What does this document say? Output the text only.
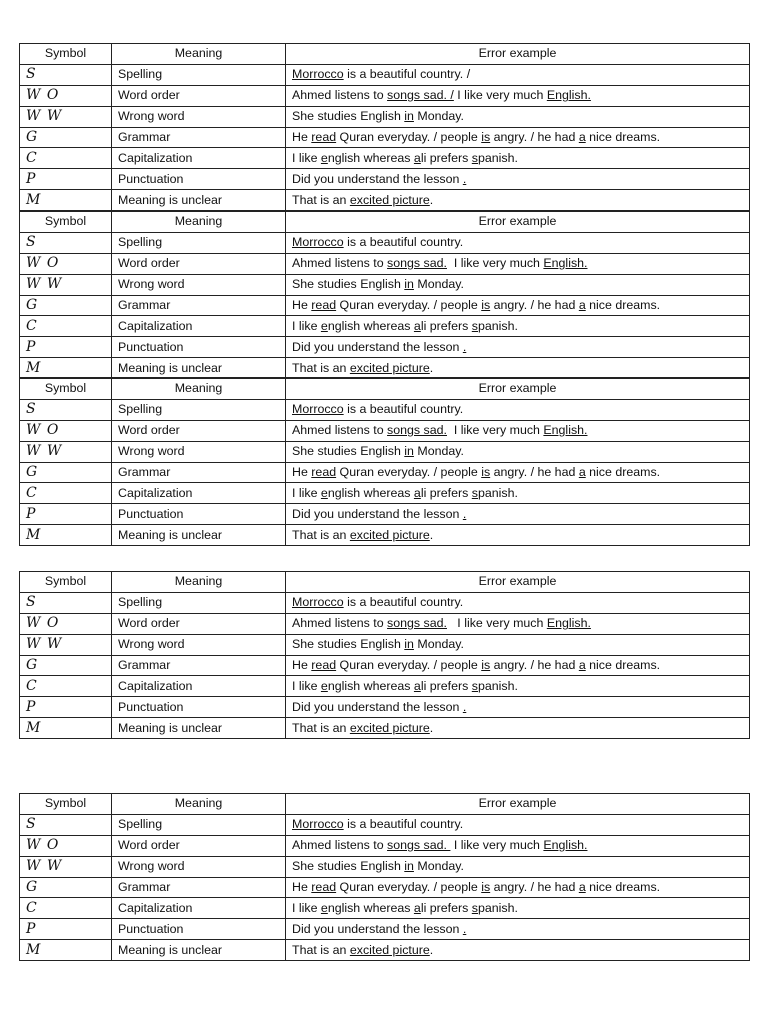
Symbol	Meaning	Error example
S	Spelling	Morrocco is a beautiful country. /
W O	Word order	Ahmed listens to songs sad. / I like very much English.
W W	Wrong word	She studies English in Monday.
G	Grammar	He read Quran everyday. / people is angry. / he had a nice dreams.
C	Capitalization	I like english whereas ali prefers spanish.
P	Punctuation	Did you understand the lesson .
M	Meaning is unclear	That is an excited picture.
Symbol	Meaning	Error example
S	Spelling	Morrocco is a beautiful country.
W O	Word order	Ahmed listens to songs sad.  I like very much English.
W W	Wrong word	She studies English in Monday.
G	Grammar	He read Quran everyday. / people is angry. / he had a nice dreams.
C	Capitalization	I like english whereas ali prefers spanish.
P	Punctuation	Did you understand the lesson .
M	Meaning is unclear	That is an excited picture.
Symbol	Meaning	Error example
S	Spelling	Morrocco is a beautiful country.
W O	Word order	Ahmed listens to songs sad.  I like very much English.
W W	Wrong word	She studies English in Monday.
G	Grammar	He read Quran everyday. / people is angry. / he had a nice dreams.
C	Capitalization	I like english whereas ali prefers spanish.
P	Punctuation	Did you understand the lesson .
M	Meaning is unclear	That is an excited picture.
Symbol	Meaning	Error example
S	Spelling	Morrocco is a beautiful country.
W O	Word order	Ahmed listens to songs sad.   I like very much English.
W W	Wrong word	She studies English in Monday.
G	Grammar	He read Quran everyday. / people is angry. / he had a nice dreams.
C	Capitalization	I like english whereas ali prefers spanish.
P	Punctuation	Did you understand the lesson .
M	Meaning is unclear	That is an excited picture.
Symbol	Meaning	Error example
S	Spelling	Morrocco is a beautiful country.
W O	Word order	Ahmed listens to songs sad.  I like very much English.
W W	Wrong word	She studies English in Monday.
G	Grammar	He read Quran everyday. / people is angry. / he had a nice dreams.
C	Capitalization	I like english whereas ali prefers spanish.
P	Punctuation	Did you understand the lesson .
M	Meaning is unclear	That is an excited picture.
